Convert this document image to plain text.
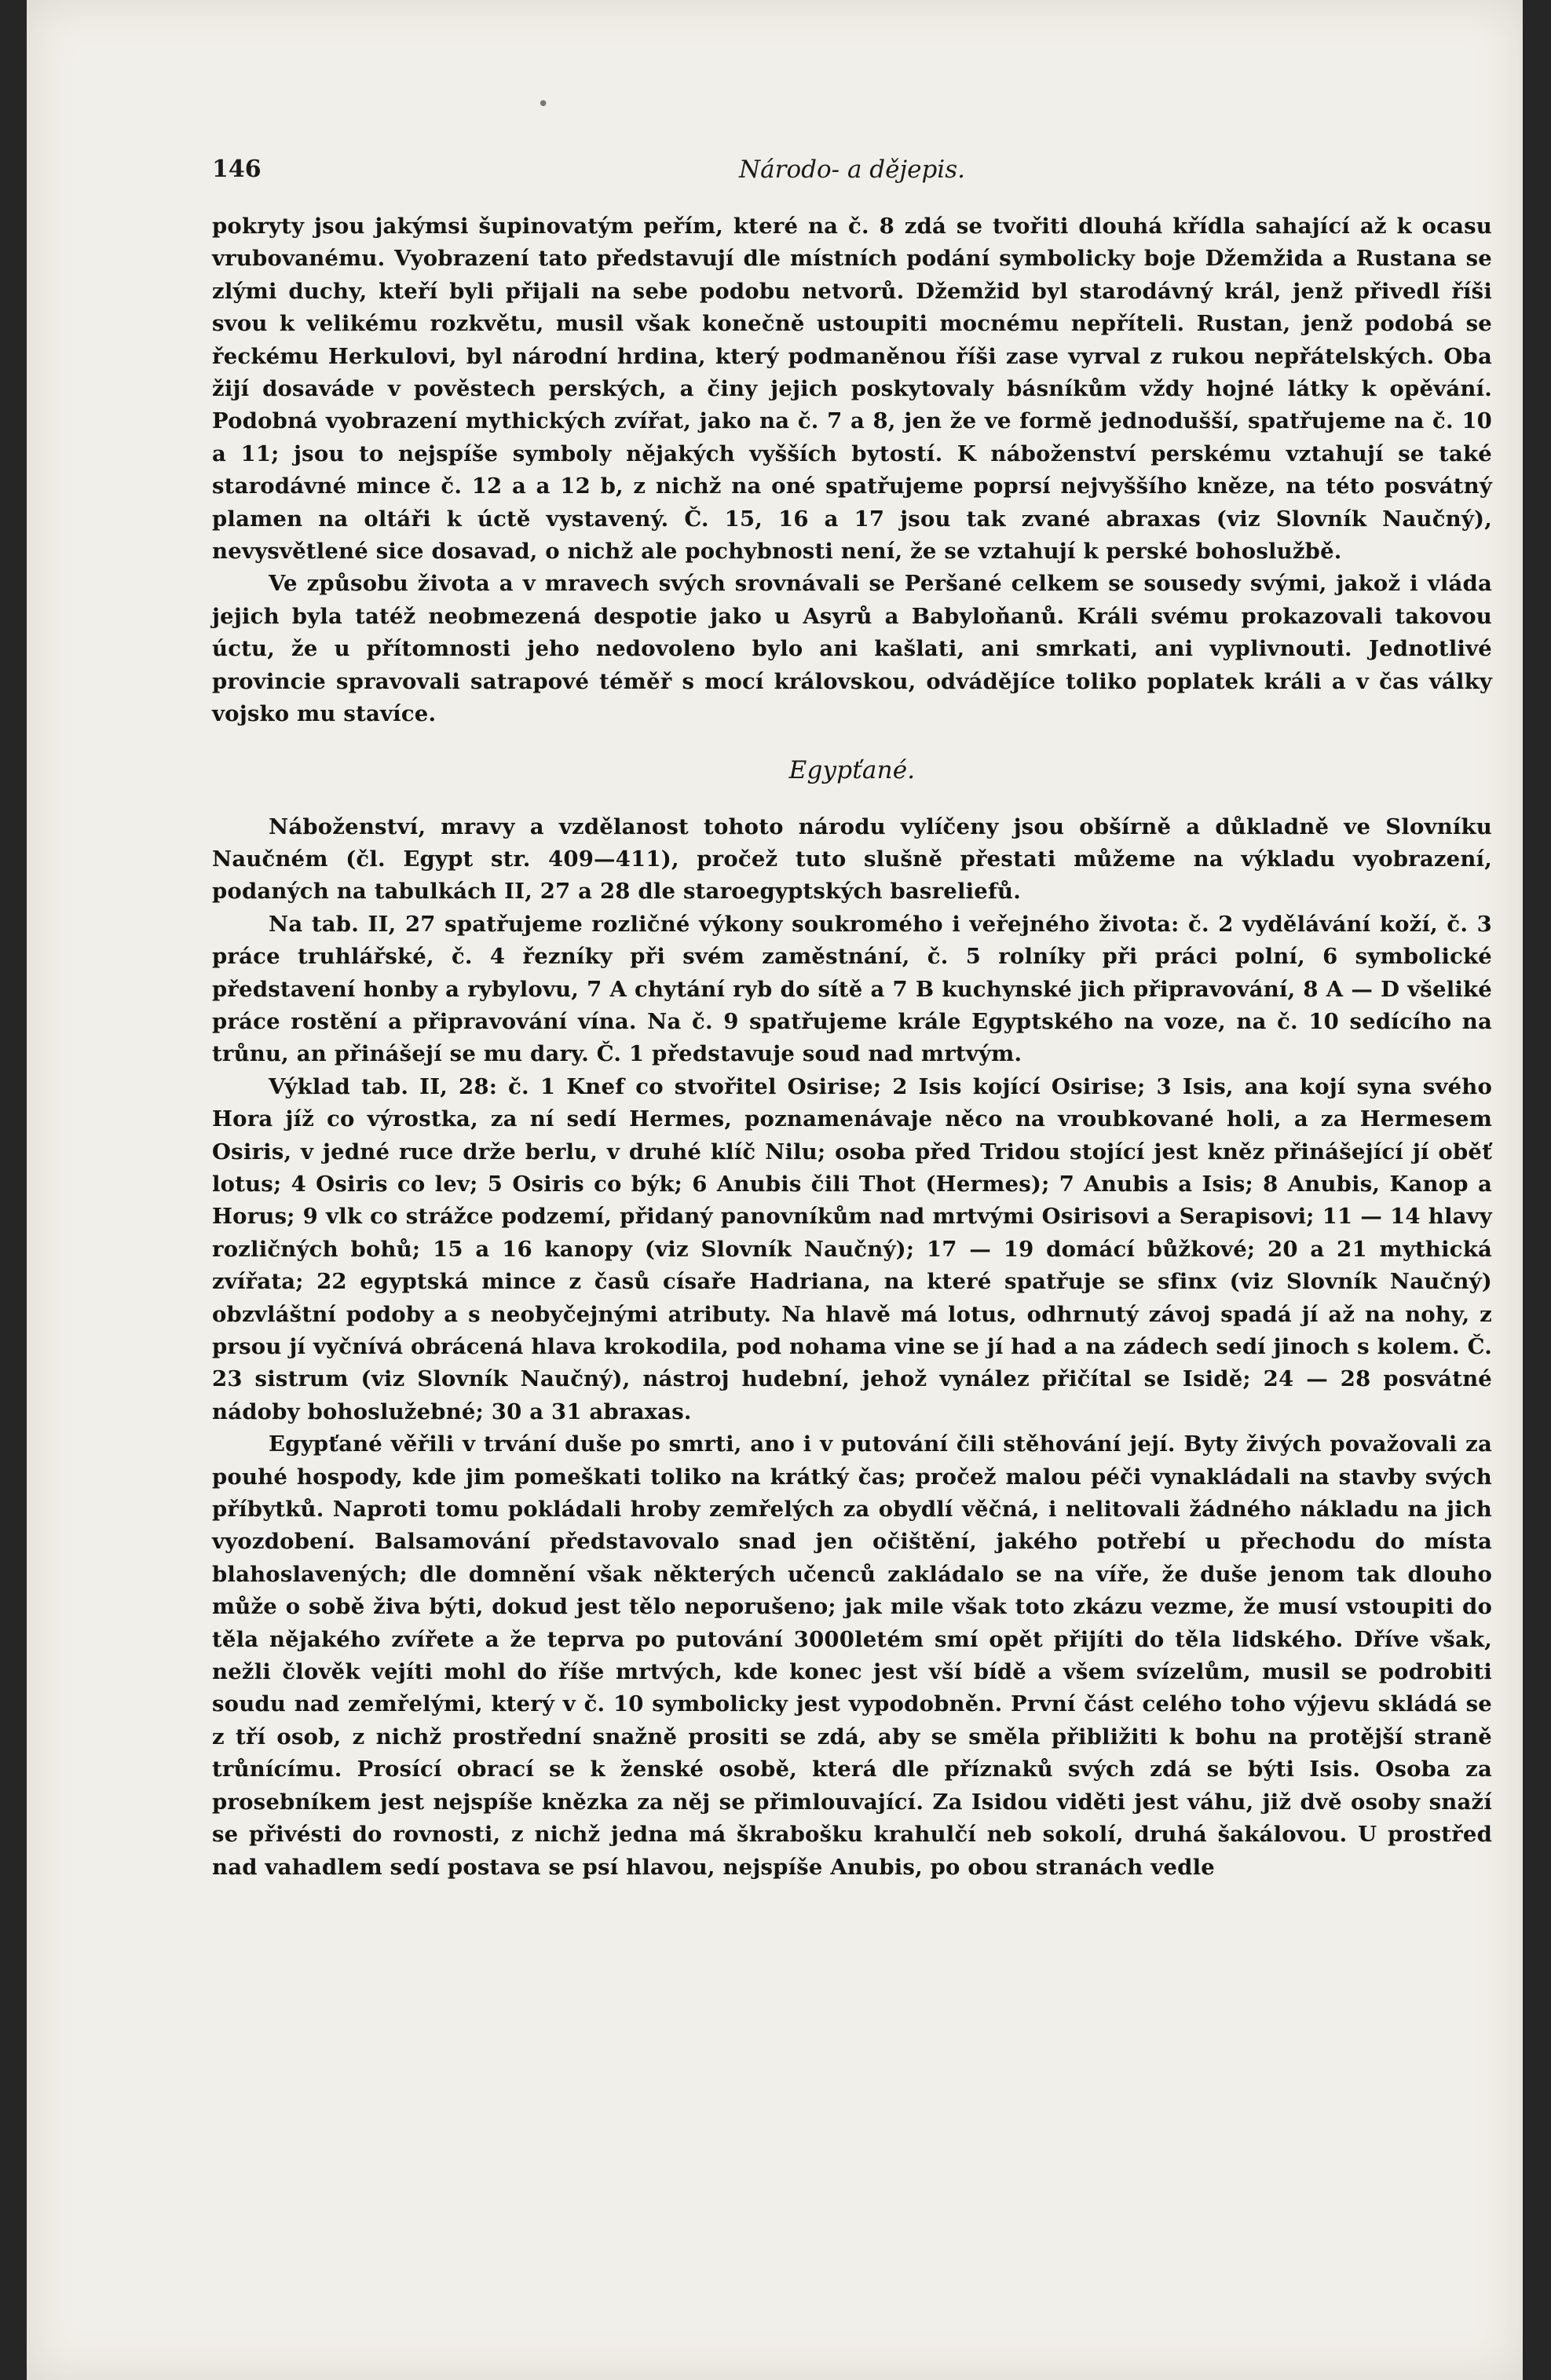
•
146	Národo- a dějepis.

pokryty jsou jakýmsi šupinovatým peřím, které na č. 8 zdá se tvořiti dlouhá křídla sahající až k ocasu vrubovanému. Vyobrazení tato představují dle místních podání symbolicky boje Džemžida a Rustana se zlými duchy, kteří byli přijali na sebe podobu netvorů. Džemžid byl starodávný král, jenž přivedl říši svou k velikému rozkvětu, musil však konečně ustoupiti mocnému nepříteli. Rustan, jenž podobá se řeckému Herkulovi, byl národní hrdina, který podmaněnou říši zase vyrval z rukou nepřátelských. Oba žijí dosavádе v pověstech perských, a činy jejich poskytovaly básníkům vždy hojné látky k opěvání. Podobná vyobrazení mythických zvířat, jako na č. 7 a 8, jen že ve formě jednodušší, spatřujeme na č. 10 a 11; jsou to nejspíše symboly nějakých vyšších bytostí. K náboženství perskému vztahují se také starodávné mince č. 12 a a 12 b, z nichž na oné spatřujeme poprsí nejvyššího kněze, na této posvátný plamen na oltáři k úctě vystavený. Č. 15, 16 a 17 jsou tak zvané abraxas (viz Slovník Naučný), nevysvětlené sice dosavad, o nichž ale pochybnosti není, že se vztahují k perské bohoslužbě.

Ve způsobu života a v mravech svých srovnávali se Peršané celkem se sousedy svými, jakož i vláda jejich byla tatéž neobmezená despotie jako u Asyrů a Babyloňanů. Králi svému prokazovali takovou úctu, že u přítomnosti jeho nedovoleno bylo ani kašlati, ani smrkati, ani vyplivnouti. Jednotlivé provincie spravovali satrapové téměř s mocí královskou, odvádějíce toliko poplatek králi a v čas války vojsko mu stavíce.

Egypťané.

Náboženství, mravy a vzdělanost tohoto národu vylíčeny jsou obšírně a důkladně ve Slovníku Naučném (čl. Egypt str. 409—411), pročež tuto slušně přestati můžeme na výkladu vyobrazení, podaných na tabulkách II, 27 a 28 dle staroegyptských basreliefů.

Na tab. II, 27 spatřujeme rozličné výkony soukromého i veřejného života: č. 2 vydělávání koží, č. 3 práce truhlářské, č. 4 řezníky při svém zaměstnání, č. 5 rolníky při práci polní, 6 symbolické představení honby a rybylovu, 7 A chytání ryb do sítě a 7 B kuchynské jich připravování, 8 A — D všeliké práce rostění a připravování vína. Na č. 9 spatřujeme krále Egyptského na voze, na č. 10 sedícího na trůnu, an přinášejí se mu dary. Č. 1 představuje soud nad mrtvým.

Výklad tab. II, 28: č. 1 Knef co stvořitel Osirise; 2 Isis kojící Osirise; 3 Isis, ana kojí syna svého Hora jíž co výrostka, za ní sedí Hermes, poznamenávaje něco na vroubkované holi, a za Hermesem Osiris, v jedné ruce drže berlu, v druhé klíč Nilu; osoba před Tridou stojící jest kněz přinášející jí oběť lotus; 4 Osiris co lev; 5 Osiris co býk; 6 Anubis čili Thot (Hermes); 7 Anubis a Isis; 8 Anubis, Kanop a Horus; 9 vlk co strážce podzemí, přidaný panovníkům nad mrtvými Osirisovi a Serapisovi; 11 — 14 hlavy rozličných bohů; 15 a 16 kanopy (viz Slovník Naučný); 17 — 19 domácí bůžkové; 20 a 21 mythická zvířata; 22 egyptská mince z časů císaře Hadriana, na které spatřuje se sfinx (viz Slovník Naučný) obzvláštní podoby a s neobyčejnými atributy. Na hlavě má lotus, odhrnutý závoj spadá jí až na nohy, z prsou jí vyčnívá obrácená hlava krokodila, pod nohama vine se jí had a na zádech sedí jinoch s kolem. Č. 23 sistrum (viz Slovník Naučný), nástroj hudební, jehož vynález přičítal se Isidě; 24 — 28 posvátné nádoby bohoslužebné; 30 a 31 abraxas.

Egypťané věřili v trvání duše po smrti, ano i v putování čili stěhování její. Byty živých považovali za pouhé hospody, kde jim pomeškati toliko na krátký čas; pročež malou péči vynakládali na stavby svých příbytků. Naproti tomu pokládali hroby zemřelých za obydlí věčná, i nelitovali žádného nákladu na jich vyozdobení. Balsamování představovalo snad jen očištění, jakého potřebí u přechodu do místa blahoslavených; dle domnění však některých učenců zakládalo se na víře, že duše jenom tak dlouho může o sobě živa býti, dokud jest tělo neporušeno; jak mile však toto zkázu vezme, že musí vstoupiti do těla nějakého zvířete a že teprva po putování 3000letém smí opět přijíti do těla lidského. Dříve však, nežli člověk vejíti mohl do říše mrtvých, kde konec jest vší bídě a všem svízelům, musil se podrobiti soudu nad zemřelými, který v č. 10 symbolicky jest vypodobněn. První část celého toho výjevu skládá se z tří osob, z nichž prostřední snažně prositi se zdá, aby se směla přibližiti k bohu na protější straně trůnícímu. Prosící obrací se k ženské osobě, která dle příznaků svých zdá se býti Isis. Osoba za prosebníkem jest nejspíše knězka za něj se přimlouvající. Za Isidou viděti jest váhu, již dvě osoby snaží se přivésti do rovnosti, z nichž jedna má škrabošku krahulčí neb sokolí, druhá šakálovou. U prostřed nad vahadlem sedí postava se psí hlavou, nejspíše Anubis, po obou stranách vedle
